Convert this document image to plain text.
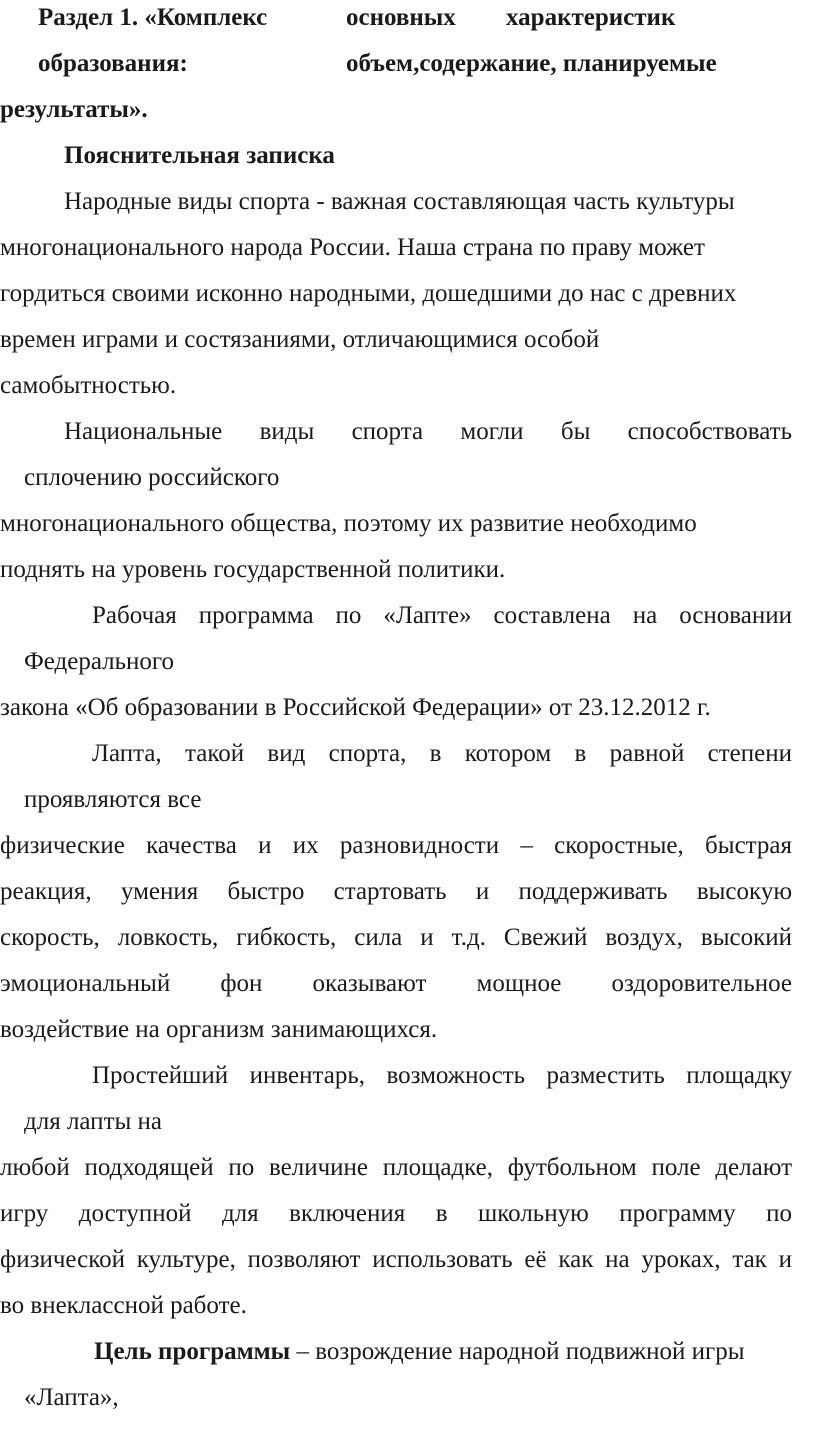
Раздел 1. «Комплекс	основных характеристик
образования:	объем,содержание, планируемые
результаты».
Пояснительная записка
Народные виды спорта - важная составляющая часть культуры
многонационального народа России. Наша страна по праву может
гордиться своими исконно народными, дошедшими до нас с древних
времен играми и состязаниями, отличающимися особой
самобытностью.
Национальные виды спорта могли бы способствовать
сплочению российского
многонационального общества, поэтому их развитие необходимо
поднять на уровень государственной политики.
Рабочая программа по «Лапте» составлена на основании
Федерального
закона «Об образовании в Российской Федерации» от 23.12.2012 г.
Лапта, такой вид спорта, в котором в равной степени
проявляются все
физические качества и их разновидности – скоростные, быстрая
реакция, умения быстро стартовать и поддерживать высокую
скорость, ловкость, гибкость, сила и т.д. Свежий воздух, высокий
эмоциональный фон оказывают мощное оздоровительное
воздействие на организм занимающихся.
Простейший инвентарь, возможность разместить площадку
для лапты на
любой подходящей по величине площадке, футбольном поле делают
игру доступной для включения в школьную программу по
физической культуре, позволяют использовать её как на уроках, так и
во внеклассной работе.
Цель программы – возрождение народной подвижной игры
«Лапта»,
